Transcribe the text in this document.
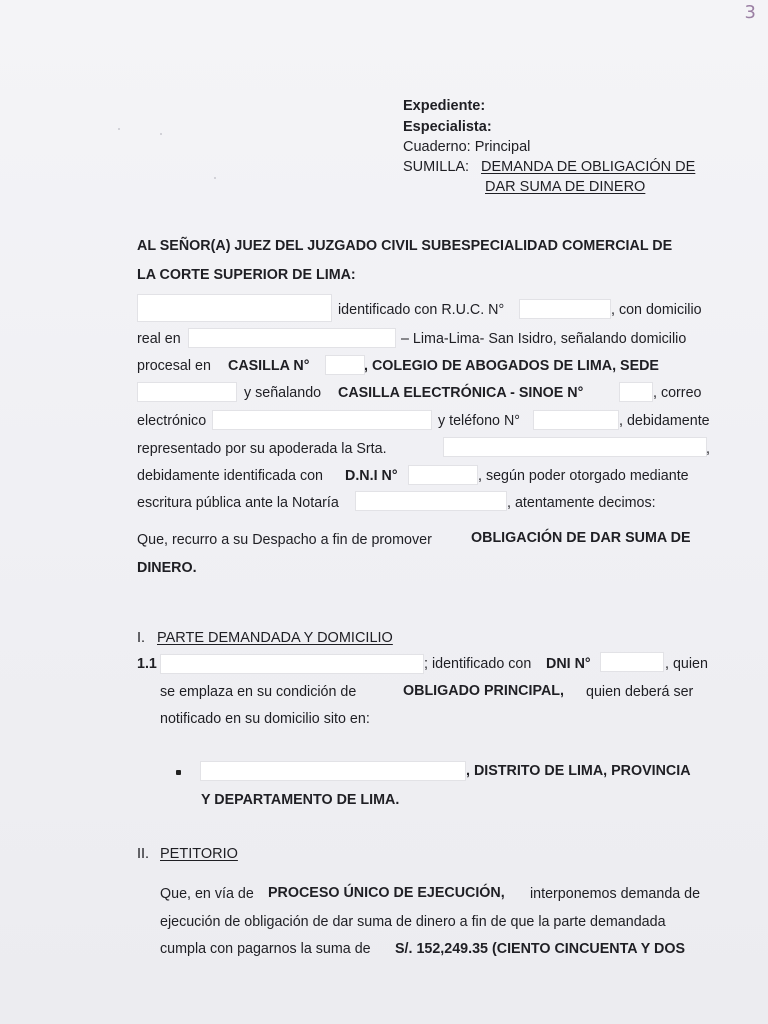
3
Expediente:
Especialista:
Cuaderno: Principal
SUMILLA: DEMANDA DE OBLIGACIÓN DE
DAR SUMA DE DINERO
AL SEÑOR(A) JUEZ DEL JUZGADO CIVIL SUBESPECIALIDAD COMERCIAL DE
LA CORTE SUPERIOR DE LIMA:
identificado con R.U.C. N°	, con domicilio
real en	– Lima-Lima- San Isidro, señalando domicilio
procesal en CASILLA N°	, COLEGIO DE ABOGADOS DE LIMA, SEDE
y señalando CASILLA ELECTRÓNICA - SINOE N°	, correo
electrónico	y teléfono N°	, debidamente
representado por su apoderada la Srta.	,
debidamente identificada con D.N.I N°	, según poder otorgado mediante
escritura pública ante la Notaría	, atentamente decimos:
Que, recurro a su Despacho a fin de promover	OBLIGACIÓN DE DAR SUMA DE
DINERO.
I. PARTE DEMANDADA Y DOMICILIO
1.1	; identificado con DNI N°	, quien
se emplaza en su condición de	OBLIGADO PRINCIPAL, quien deberá ser
notificado en su domicilio sito en:
, DISTRITO DE LIMA, PROVINCIA
Y DEPARTAMENTO DE LIMA.
II. PETITORIO
Que, en vía de PROCESO ÚNICO DE EJECUCIÓN, interponemos demanda de
ejecución de obligación de dar suma de dinero a fin de que la parte demandada
cumpla con pagarnos la suma de S/. 152,249.35 (CIENTO CINCUENTA Y DOS
